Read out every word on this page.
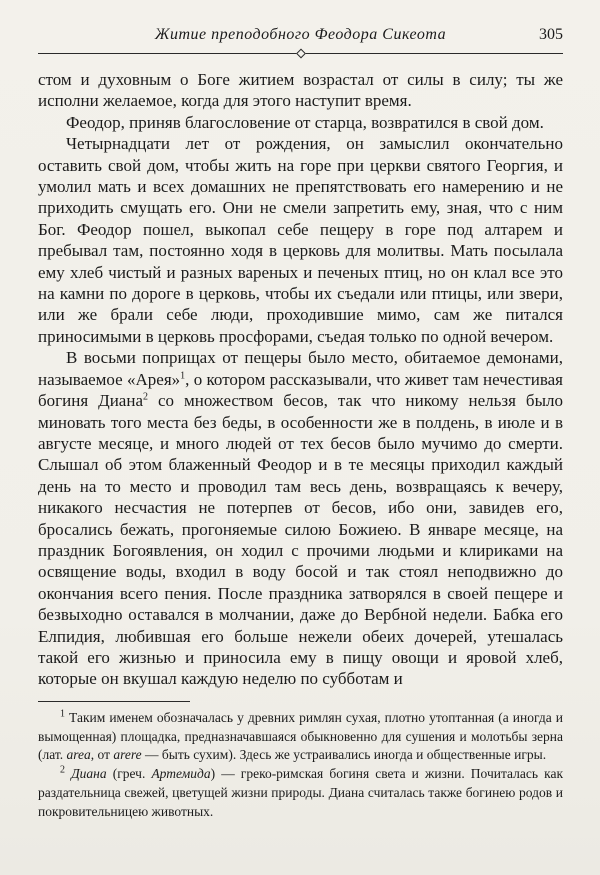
Житие преподобного Феодора Сикеота	305

стом и духовным о Боге житием возрастал от силы в силу; ты же исполни желаемое, когда для этого наступит время.

Феодор, приняв благословение от старца, возвратился в свой дом.

Четырнадцати лет от рождения, он замыслил окончательно оставить свой дом, чтобы жить на горе при церкви святого Георгия, и умолил мать и всех домашних не препятствовать его намерению и не приходить смущать его. Они не смели запретить ему, зная, что с ним Бог. Феодор пошел, выкопал себе пещеру в горе под алтарем и пребывал там, постоянно ходя в церковь для молитвы. Мать посылала ему хлеб чистый и разных вареных и печеных птиц, но он клал все это на камни по дороге в церковь, чтобы их съедали или птицы, или звери, или же брали себе люди, проходившие мимо, сам же питался приносимыми в церковь просфорами, съедая только по одной вечером.

В восьми поприщах от пещеры было место, обитаемое демонами, называемое «Арея»$^1$, о котором рассказывали, что живет там нечестивая богиня Диана$^2$ со множеством бесов, так что никому нельзя было миновать того места без беды, в особенности же в полдень, в июле и в августе месяце, и много людей от тех бесов было мучимо до смерти. Слышал об этом блаженный Феодор и в те месяцы приходил каждый день на то место и проводил там весь день, возвращаясь к вечеру, никакого несчастия не потерпев от бесов, ибо они, завидев его, бросались бежать, прогоняемые силою Божиею. В январе месяце, на праздник Богоявления, он ходил с прочими людьми и клириками на освящение воды, входил в воду босой и так стоял неподвижно до окончания всего пения. После праздника затворялся в своей пещере и безвыходно оставался в молчании, даже до Вербной недели. Бабка его Елпидия, любившая его больше нежели обеих дочерей, утешалась такой его жизнью и приносила ему в пищу овощи и яровой хлеб, которые он вкушал каждую неделю по субботам и

$^1$ Таким именем обозначалась у древних римлян сухая, плотно утоптанная (а иногда и вымощенная) площадка, предназначавшаяся обыкновенно для сушения и молотьбы зерна (лат. area, от arere — быть сухим). Здесь же устраивались иногда и общественные игры.

$^2$ Диана (греч. Артемида) — греко-римская богиня света и жизни. Почиталась как раздательница свежей, цветущей жизни природы. Диана считалась также богинею родов и покровительницею животных.
